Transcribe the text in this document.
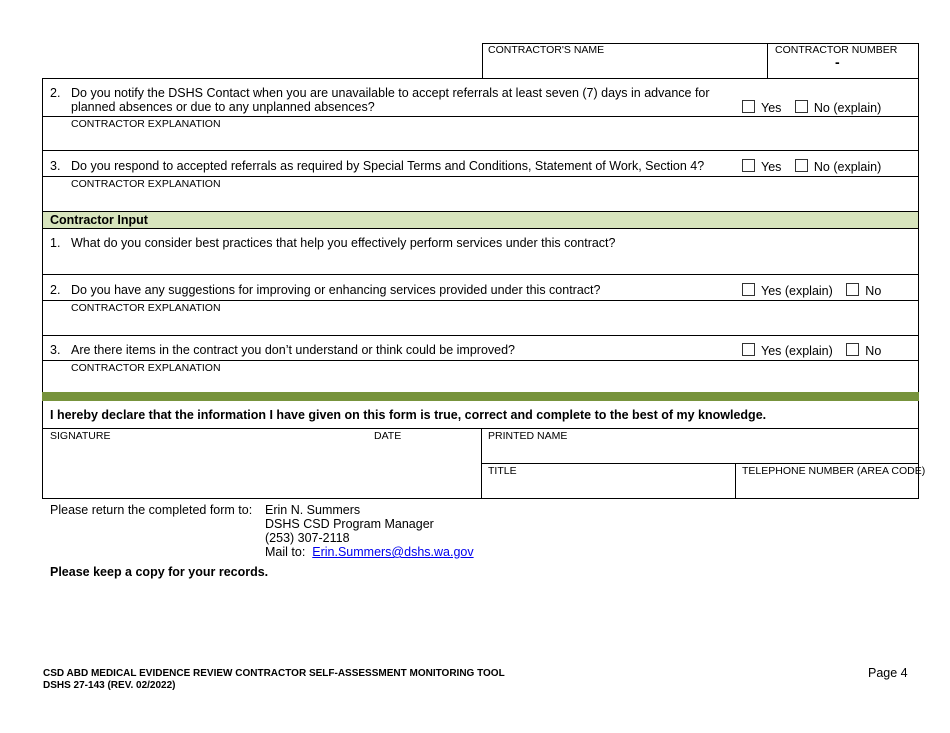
CONTRACTOR'S NAME	CONTRACTOR NUMBER
-
2. Do you notify the DSHS Contact when you are unavailable to accept referrals at least seven (7) days in advance for
planned absences or due to any unplanned absences?	Yes	No (explain)
CONTRACTOR EXPLANATION
3. Do you respond to accepted referrals as required by Special Terms and Conditions, Statement of Work, Section 4?	Yes	No (explain)
CONTRACTOR EXPLANATION
Contractor Input
1. What do you consider best practices that help you effectively perform services under this contract?
2. Do you have any suggestions for improving or enhancing services provided under this contract?	Yes (explain)	No
CONTRACTOR EXPLANATION
3. Are there items in the contract you don’t understand or think could be improved?	Yes (explain)	No
CONTRACTOR EXPLANATION
I hereby declare that the information I have given on this form is true, correct and complete to the best of my knowledge.
SIGNATURE	DATE	PRINTED NAME
TITLE	TELEPHONE NUMBER (AREA CODE)
Please return the completed form to: Erin N. Summers
DSHS CSD Program Manager
(253) 307-2118
Mail to: Erin.Summers@dshs.wa.gov
Please keep a copy for your records.
CSD ABD MEDICAL EVIDENCE REVIEW CONTRACTOR SELF-ASSESSMENT MONITORING TOOL
DSHS 27-143 (REV. 02/2022)
Page 4
